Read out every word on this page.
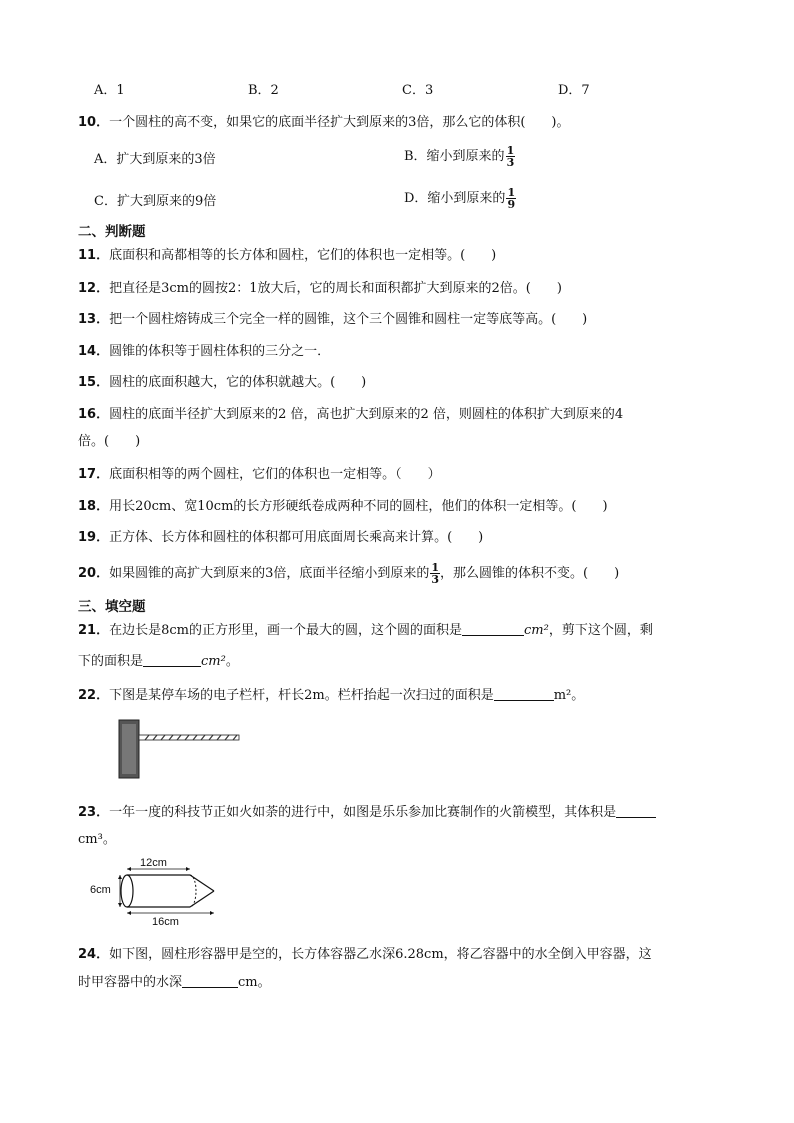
A．1	B．2	C．3	D．7
10．一个圆柱的高不变，如果它的底面半径扩大到原来的3倍，那么它的体积(　　)。
A．扩大到原来的3倍	B．缩小到原来的 $\frac{1}{3}$
C．扩大到原来的9倍	D．缩小到原来的 $\frac{1}{9}$
二、判断题
11．底面积和高都相等的长方体和圆柱，它们的体积也一定相等。(　　)
12．把直径是3cm的圆按2：1放大后，它的周长和面积都扩大到原来的2倍。(　　)
13．把一个圆柱熔铸成三个完全一样的圆锥，这个三个圆锥和圆柱一定等底等高。(　　)
14．圆锥的体积等于圆柱体积的三分之一．
15．圆柱的底面积越大，它的体积就越大。(　　)
16．圆柱的底面半径扩大到原来的2 倍，高也扩大到原来的2 倍，则圆柱的体积扩大到原来的4
倍。(　　)
17．底面积相等的两个圆柱，它们的体积也一定相等。（　　）
18．用长20cm、宽10cm的长方形硬纸卷成两种不同的圆柱，他们的体积一定相等。(　　)
19．正方体、长方体和圆柱的体积都可用底面周长乘高来计算。(　　)
20．如果圆锥的高扩大到原来的3倍，底面半径缩小到原来的 $\frac{1}{3}$ ，那么圆锥的体积不变。(　　)
三、填空题
21．在边长是8cm的正方形里，画一个最大的圆，这个圆的面积是	cm²，剪下这个圆，剩
下的面积是	cm²。
22．下图是某停车场的电子栏杆，杆长2m。栏杆抬起一次扫过的面积是	m²。
23．一年一度的科技节正如火如荼的进行中，如图是乐乐参加比赛制作的火箭模型，其体积是
cm³。
12cm
6cm
16cm
24．如下图，圆柱形容器甲是空的，长方体容器乙水深6.28cm，将乙容器中的水全倒入甲容器，这
时甲容器中的水深	cm。
